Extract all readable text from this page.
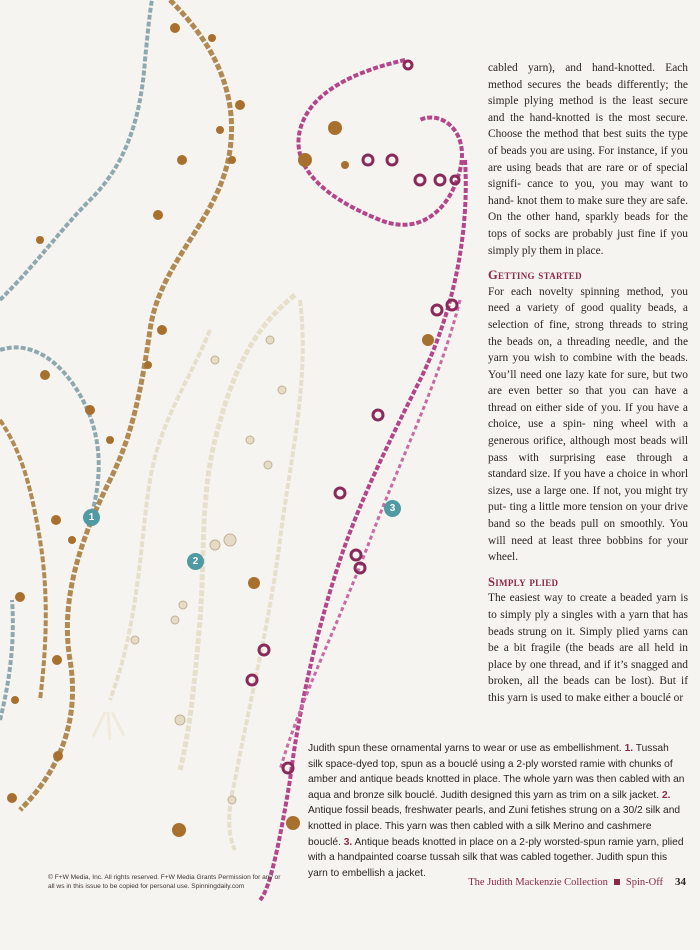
1
2
3

cabled yarn), and hand-knotted. Each method secures the beads differently; the simple plying method is the least secure and the hand-knotted is the most secure. Choose the method that best suits the type of beads you are using. For instance, if you are using beads that are rare or of special signifi- cance to you, you may want to hand- knot them to make sure they are safe. On the other hand, sparkly beads for the tops of socks are probably just fine if you simply ply them in place.

Getting started

For each novelty spinning method, you need a variety of good quality beads, a selection of fine, strong threads to string the beads on, a threading needle, and the yarn you wish to combine with the beads. You’ll need one lazy kate for sure, but two are even better so that you can have a thread on either side of you. If you have a choice, use a spin- ning wheel with a generous orifice, although most beads will pass with surprising ease through a standard size. If you have a choice in whorl sizes, use a large one. If not, you might try put- ting a little more tension on your drive band so the beads pull on smoothly. You will need at least three bobbins for your wheel.

Simply plied

The easiest way to create a beaded yarn is to simply ply a singles with a yarn that has beads strung on it. Simply plied yarns can be a bit fragile (the beads are all held in place by one thread, and if it’s snagged and broken, all the beads can be lost). But if this yarn is used to make either a bouclé or

Judith spun these ornamental yarns to wear or use as embellishment. 1. Tussah silk space-dyed top, spun as a bouclé using a 2-ply worsted ramie with chunks of amber and antique beads knotted in place. The whole yarn was then cabled with an aqua and bronze silk bouclé. Judith designed this yarn as trim on a silk jacket. 2. Antique fossil beads, freshwater pearls, and Zuni fetishes strung on a 30/2 silk and knotted in place. This yarn was then cabled with a silk Merino and cashmere bouclé. 3. Antique beads knotted in place on a 2-ply worsted-spun ramie yarn, plied with a handpainted coarse tussah silk that was cabled together. Judith spun this yarn to embellish a jacket.
© F+W Media, Inc. All rights reserved. F+W Media Grants Permission for any or all ws in this issue to be copied for personal use. Spinningdaily.com	The Judith Mackenzie Collection Spin-Off 34
